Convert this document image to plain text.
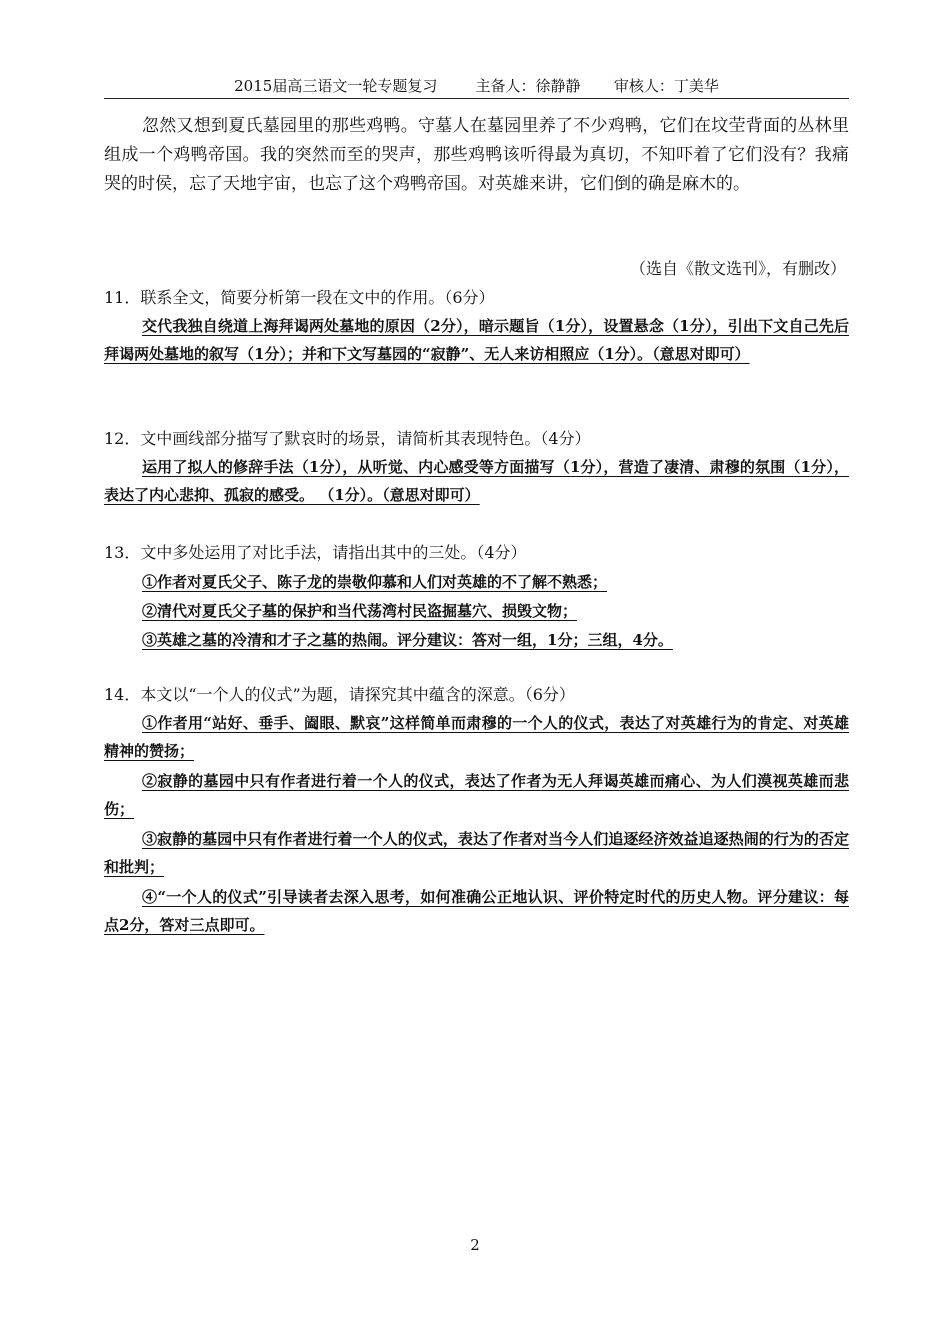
2015届高三语文一轮专题复习        主备人：徐静静       审核人：丁美华

忽然又想到夏氏墓园里的那些鸡鸭。守墓人在墓园里养了不少鸡鸭，它们在坟茔背面的丛林里组成一个鸡鸭帝国。我的突然而至的哭声，那些鸡鸭该听得最为真切，不知吓着了它们没有？我痛哭的时侯，忘了天地宇宙，也忘了这个鸡鸭帝国。对英雄来讲，它们倒的确是麻木的。

（选自《散文选刊》，有删改）

11．联系全文，简要分析第一段在文中的作用。（6分）

交代我独自绕道上海拜谒两处墓地的原因（2分），暗示题旨（1分），设置悬念（1分），引出下文自己先后拜谒两处墓地的叙写（1分）；并和下文写墓园的“寂静”、无人来访相照应（1分）。（意思对即可）

12．文中画线部分描写了默哀时的场景，请简析其表现特色。（4分）

运用了拟人的修辞手法（1分），从听觉、内心感受等方面描写（1分），营造了凄清、肃穆的氛围（1分），表达了内心悲抑、孤寂的感受。 （1分）。（意思对即可）

13．文中多处运用了对比手法，请指出其中的三处。（4分）

①作者对夏氏父子、陈子龙的崇敬仰慕和人们对英雄的不了解不熟悉；

②清代对夏氏父子墓的保护和当代荡湾村民盗掘墓穴、损毁文物；

③英雄之墓的冷清和才子之墓的热闹。评分建议：答对一组，1分；三组，4分。

14．本文以“一个人的仪式”为题，请探究其中蕴含的深意。（6分）

①作者用“站好、垂手、阖眼、默哀”这样简单而肃穆的一个人的仪式，表达了对英雄行为的肯定、对英雄精神的赞扬；

②寂静的墓园中只有作者进行着一个人的仪式，表达了作者为无人拜谒英雄而痛心、为人们漠视英雄而悲伤；

③寂静的墓园中只有作者进行着一个人的仪式，表达了作者对当今人们追逐经济效益追逐热闹的行为的否定和批判；

④“一个人的仪式”引导读者去深入思考，如何准确公正地认识、评价特定时代的历史人物。评分建议：每点2分，答对三点即可。

2
